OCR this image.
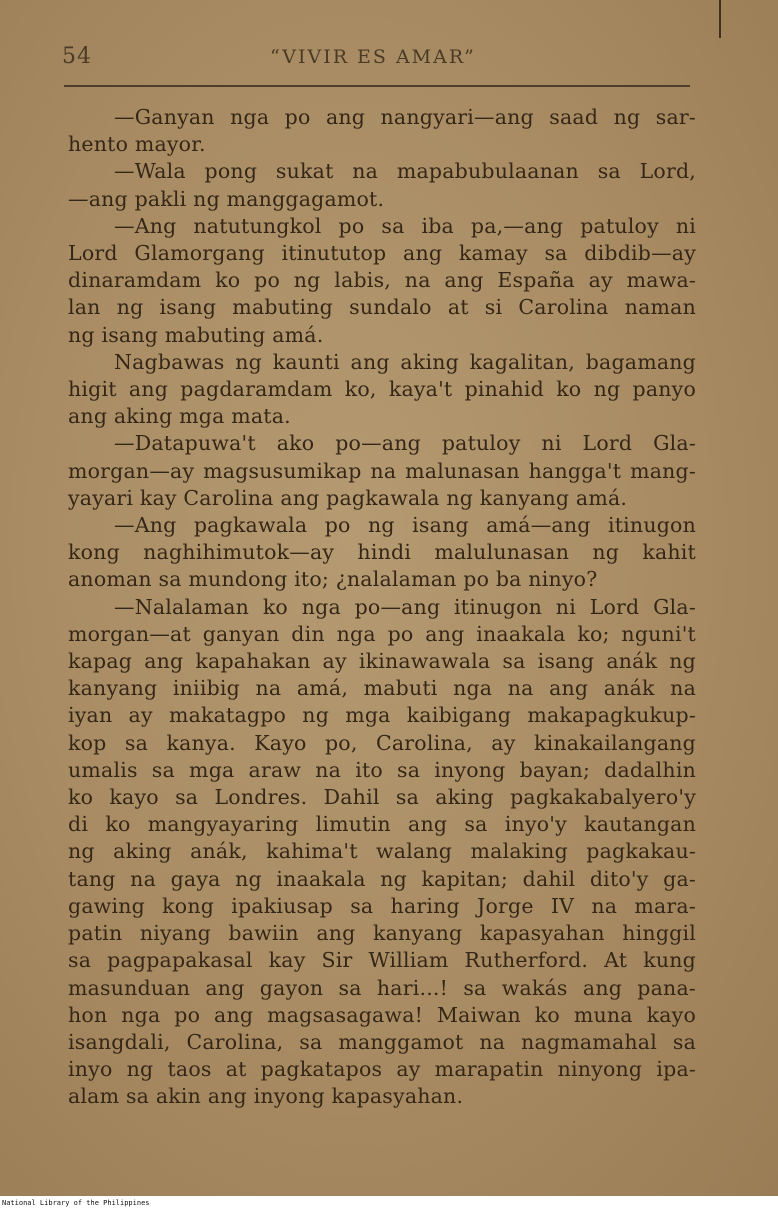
54	“VIVIR ES AMAR”
—Ganyan nga po ang nangyari—ang saad ng sar-
hento mayor.
—Wala pong sukat na mapabubulaanan sa Lord,
—ang pakli ng manggagamot.
—Ang natutungkol po sa iba pa,—ang patuloy ni
Lord Glamorgang itinututop ang kamay sa dibdib—ay
dinaramdam ko po ng labis, na ang España ay mawa-
lan ng isang mabuting sundalo at si Carolina naman
ng isang mabuting amá.
Nagbawas ng kaunti ang aking kagalitan, bagamang
higit ang pagdaramdam ko, kaya't pinahid ko ng panyo
ang aking mga mata.
—Datapuwa't ako po—ang patuloy ni Lord Gla-
morgan—ay magsusumikap na malunasan hangga't mang-
yayari kay Carolina ang pagkawala ng kanyang amá.
—Ang pagkawala po ng isang amá—ang itinugon
kong naghihimutok—ay hindi malulunasan ng kahit
anoman sa mundong ito; ¿nalalaman po ba ninyo?
—Nalalaman ko nga po—ang itinugon ni Lord Gla-
morgan—at ganyan din nga po ang inaakala ko; nguni't
kapag ang kapahakan ay ikinawawala sa isang anák ng
kanyang iniibig na amá, mabuti nga na ang anák na
iyan ay makatagpo ng mga kaibigang makapagkukup-
kop sa kanya. Kayo po, Carolina, ay kinakailangang
umalis sa mga araw na ito sa inyong bayan; dadalhin
ko kayo sa Londres. Dahil sa aking pagkakabalyero'y
di ko mangyayaring limutin ang sa inyo'y kautangan
ng aking anák, kahima't walang malaking pagkakau-
tang na gaya ng inaakala ng kapitan; dahil dito'y ga-
gawing kong ipakiusap sa haring Jorge IV na mara-
patin niyang bawiin ang kanyang kapasyahan hinggil
sa pagpapakasal kay Sir William Rutherford. At kung
masunduan ang gayon sa hari...! sa wakás ang pana-
hon nga po ang magsasagawa! Maiwan ko muna kayo
isangdali, Carolina, sa manggamot na nagmamahal sa
inyo ng taos at pagkatapos ay marapatin ninyong ipa-
alam sa akin ang inyong kapasyahan.
National Library of the Philippines
